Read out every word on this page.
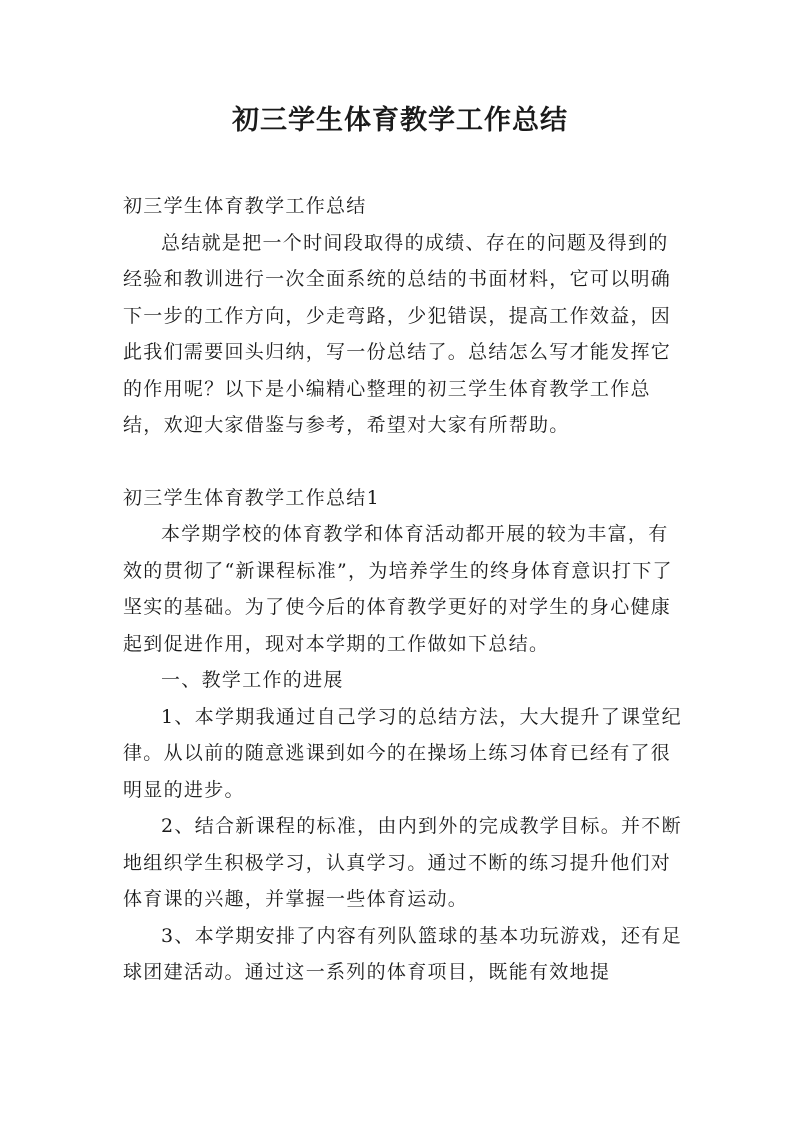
初三学生体育教学工作总结

初三学生体育教学工作总结

总结就是把一个时间段取得的成绩、存在的问题及得到的经验和教训进行一次全面系统的总结的书面材料，它可以明确下一步的工作方向，少走弯路，少犯错误，提高工作效益，因此我们需要回头归纳，写一份总结了。总结怎么写才能发挥它的作用呢？以下是小编精心整理的初三学生体育教学工作总结，欢迎大家借鉴与参考，希望对大家有所帮助。

初三学生体育教学工作总结1

本学期学校的体育教学和体育活动都开展的较为丰富，有效的贯彻了“新课程标准”，为培养学生的终身体育意识打下了坚实的基础。为了使今后的体育教学更好的对学生的身心健康起到促进作用，现对本学期的工作做如下总结。

一、教学工作的进展

1、本学期我通过自己学习的总结方法，大大提升了课堂纪律。从以前的随意逃课到如今的在操场上练习体育已经有了很明显的进步。

2、结合新课程的标准，由内到外的完成教学目标。并不断地组织学生积极学习，认真学习。通过不断的练习提升他们对体育课的兴趣，并掌握一些体育运动。

3、本学期安排了内容有列队篮球的基本功玩游戏，还有足球团建活动。通过这一系列的体育项目，既能有效地提
